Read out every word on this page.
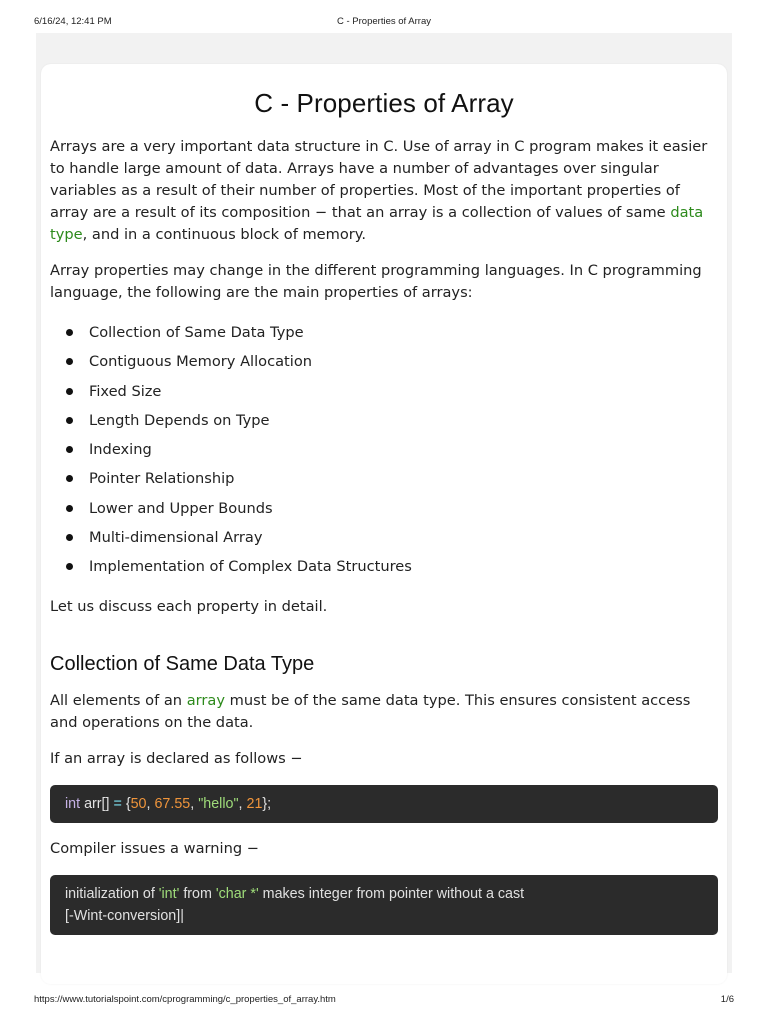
6/16/24, 12:41 PM	C - Properties of Array
C - Properties of Array

Arrays are a very important data structure in C. Use of array in C program makes it easier to handle large amount of data. Arrays have a number of advantages over singular variables as a result of their number of properties. Most of the important properties of array are a result of its composition − that an array is a collection of values of same data type, and in a continuous block of memory.

Array properties may change in the different programming languages. In C programming language, the following are the main properties of arrays:

Collection of Same Data Type
Contiguous Memory Allocation
Fixed Size
Length Depends on Type
Indexing
Pointer Relationship
Lower and Upper Bounds
Multi-dimensional Array
Implementation of Complex Data Structures

Let us discuss each property in detail.

Collection of Same Data Type

All elements of an array must be of the same data type. This ensures consistent access and operations on the data.

If an array is declared as follows −

int arr[] = {50, 67.55, "hello", 21};

Compiler issues a warning −

initialization of 'int' from 'char *' makes integer from pointer without a cast
[-Wint-conversion]|
https://www.tutorialspoint.com/cprogramming/c_properties_of_array.htm	1/6
